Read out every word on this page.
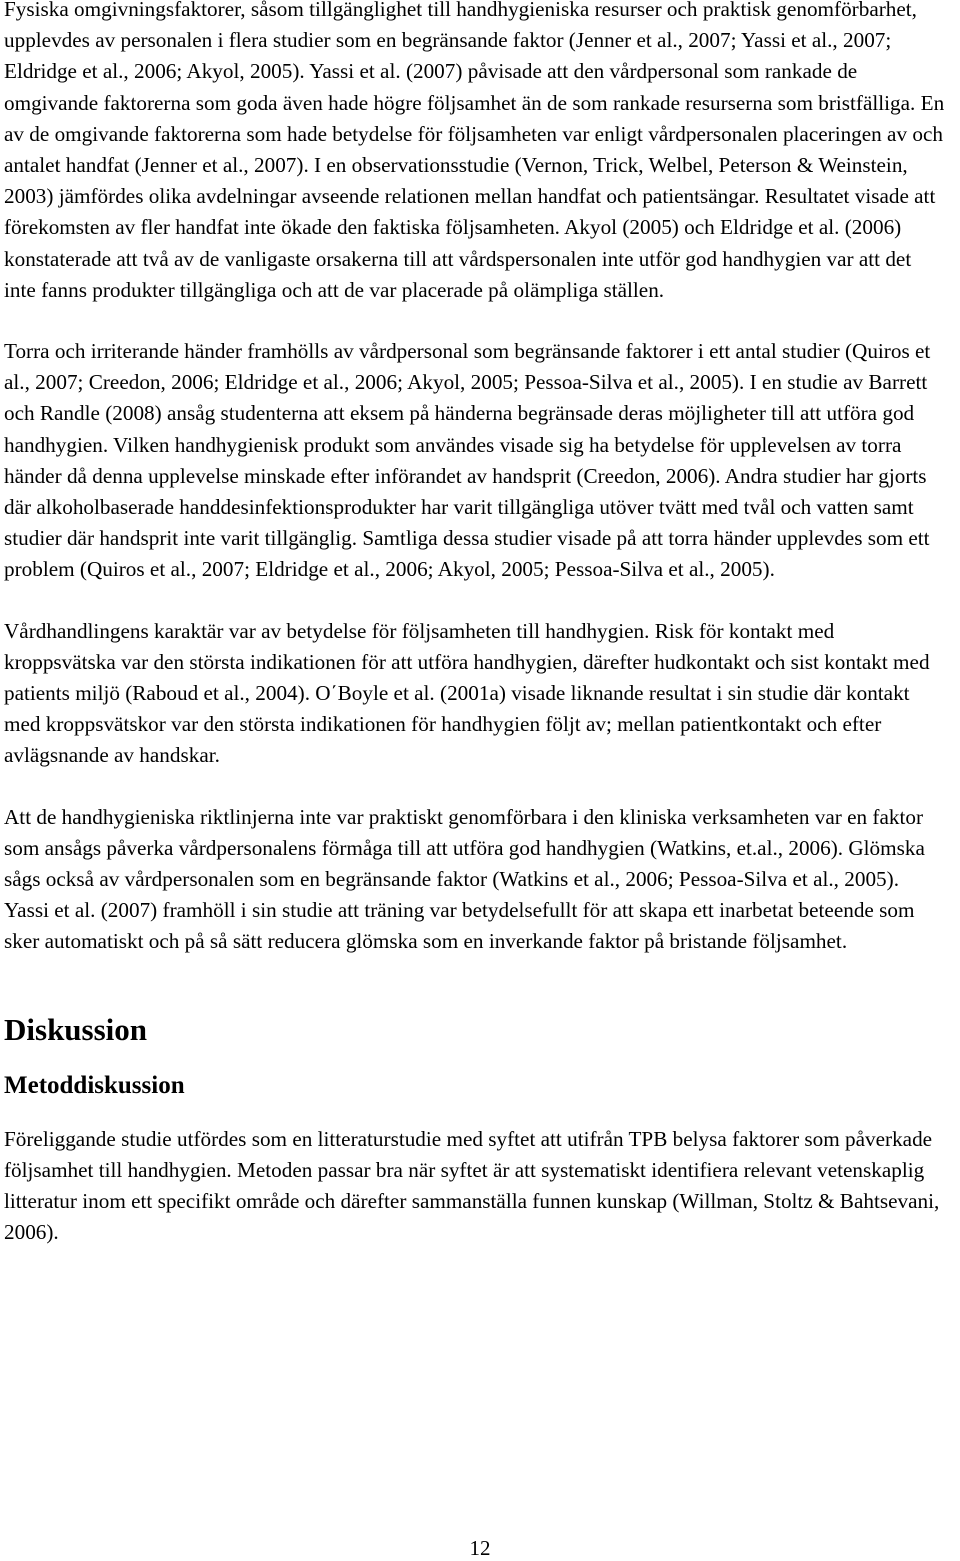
Fysiska omgivningsfaktorer, såsom tillgänglighet till handhygieniska resurser och praktisk genomförbarhet, upplevdes av personalen i flera studier som en begränsande faktor (Jenner et al., 2007; Yassi et al., 2007; Eldridge et al., 2006; Akyol, 2005). Yassi et al. (2007) påvisade att den vårdpersonal som rankade de omgivande faktorerna som goda även hade högre följsamhet än de som rankade resurserna som bristfälliga. En av de omgivande faktorerna som hade betydelse för följsamheten var enligt vårdpersonalen placeringen av och antalet handfat (Jenner et al., 2007). I en observationsstudie (Vernon, Trick, Welbel, Peterson & Weinstein, 2003) jämfördes olika avdelningar avseende relationen mellan handfat och patientsängar. Resultatet visade att förekomsten av fler handfat inte ökade den faktiska följsamheten. Akyol (2005) och Eldridge et al. (2006) konstaterade att två av de vanligaste orsakerna till att vårdspersonalen inte utför god handhygien var att det inte fanns produkter tillgängliga och att de var placerade på olämpliga ställen.

Torra och irriterande händer framhölls av vårdpersonal som begränsande faktorer i ett antal studier (Quiros et al., 2007; Creedon, 2006; Eldridge et al., 2006; Akyol, 2005; Pessoa-Silva et al., 2005). I en studie av Barrett och Randle (2008) ansåg studenterna att eksem på händerna begränsade deras möjligheter till att utföra god handhygien. Vilken handhygienisk produkt som användes visade sig ha betydelse för upplevelsen av torra händer då denna upplevelse minskade efter införandet av handsprit (Creedon, 2006). Andra studier har gjorts där alkoholbaserade handdesinfektionsprodukter har varit tillgängliga utöver tvätt med tvål och vatten samt studier där handsprit inte varit tillgänglig. Samtliga dessa studier visade på att torra händer upplevdes som ett problem (Quiros et al., 2007; Eldridge et al., 2006; Akyol, 2005; Pessoa-Silva et al., 2005).

Vårdhandlingens karaktär var av betydelse för följsamheten till handhygien. Risk för kontakt med kroppsvätska var den största indikationen för att utföra handhygien, därefter hudkontakt och sist kontakt med patients miljö (Raboud et al., 2004). O΄Boyle et al. (2001a) visade liknande resultat i sin studie där kontakt med kroppsvätskor var den största indikationen för handhygien följt av; mellan patientkontakt och efter avlägsnande av handskar.

Att de handhygieniska riktlinjerna inte var praktiskt genomförbara i den kliniska verksamheten var en faktor som ansågs påverka vårdpersonalens förmåga till att utföra god handhygien (Watkins, et.al., 2006). Glömska sågs också av vårdpersonalen som en begränsande faktor (Watkins et al., 2006; Pessoa-Silva et al., 2005). Yassi et al. (2007) framhöll i sin studie att träning var betydelsefullt för att skapa ett inarbetat beteende som sker automatiskt och på så sätt reducera glömska som en inverkande faktor på bristande följsamhet.

Diskussion
Metoddiskussion

Föreliggande studie utfördes som en litteraturstudie med syftet att utifrån TPB belysa faktorer som påverkade följsamhet till handhygien. Metoden passar bra när syftet är att systematiskt identifiera relevant vetenskaplig litteratur inom ett specifikt område och därefter sammanställa funnen kunskap (Willman, Stoltz & Bahtsevani, 2006).

12
